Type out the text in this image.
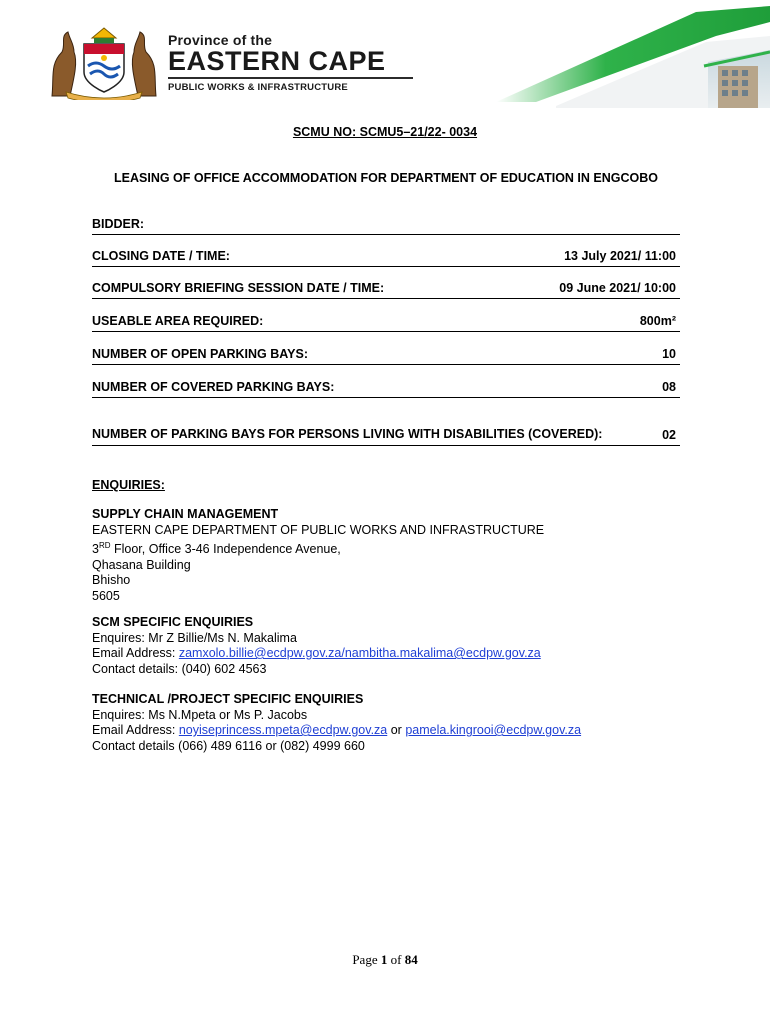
Province of the
EASTERN CAPE
PUBLIC WORKS & INFRASTRUCTURE
SCMU NO: SCMU5–21/22- 0034
LEASING OF OFFICE ACCOMMODATION FOR DEPARTMENT OF EDUCATION IN ENGCOBO
BIDDER:
CLOSING DATE / TIME:	13 July 2021/ 11:00
COMPULSORY BRIEFING SESSION DATE / TIME:	09 June 2021/ 10:00
USEABLE AREA REQUIRED:	800m²
NUMBER OF OPEN PARKING BAYS:	10
NUMBER OF COVERED PARKING BAYS:	08
NUMBER OF PARKING BAYS FOR PERSONS LIVING WITH DISABILITIES (COVERED):	02
ENQUIRIES:
SUPPLY CHAIN MANAGEMENT
EASTERN CAPE DEPARTMENT OF PUBLIC WORKS AND INFRASTRUCTURE
3RD Floor, Office 3-46 Independence Avenue,
Qhasana Building
Bhisho
5605
SCM SPECIFIC ENQUIRIES
Enquires: Mr Z Billie/Ms N. Makalima
Email Address: zamxolo.billie@ecdpw.gov.za/nambitha.makalima@ecdpw.gov.za
Contact details: (040) 602 4563
TECHNICAL /PROJECT SPECIFIC ENQUIRIES
Enquires: Ms N.Mpeta or Ms P. Jacobs
Email Address: noyiseprincess.mpeta@ecdpw.gov.za or pamela.kingrooi@ecdpw.gov.za
Contact details (066) 489 6116 or (082) 4999 660
Page 1 of 84
